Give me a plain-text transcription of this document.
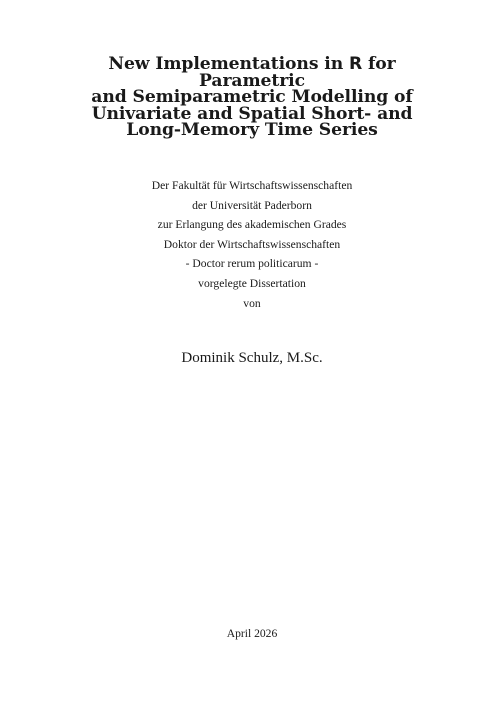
New Implementations in R for Parametric
and Semiparametric Modelling of
Univariate and Spatial Short- and
Long-Memory Time Series
Der Fakultät für Wirtschaftswissenschaften
der Universität Paderborn
zur Erlangung des akademischen Grades
Doktor der Wirtschaftswissenschaften
- Doctor rerum politicarum -
vorgelegte Dissertation
von
Dominik Schulz, M.Sc.
April 2026
